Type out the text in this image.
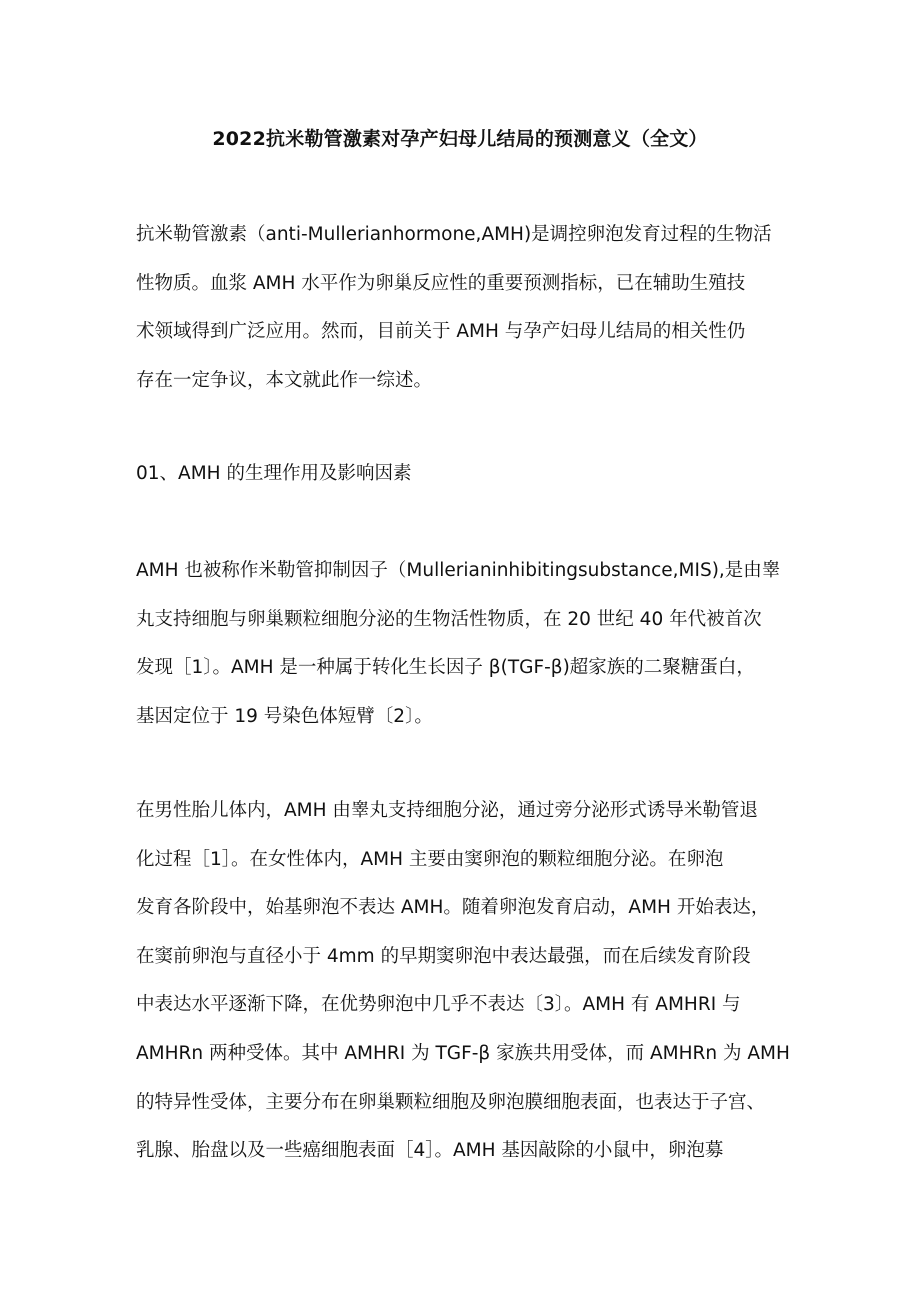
2022抗米勒管激素对孕产妇母儿结局的预测意义（全文）
抗米勒管激素（anti-Mullerianhormone,AMH)是调控卵泡发育过程的生物活
性物质。血浆 AMH 水平作为卵巢反应性的重要预测指标，已在辅助生殖技
术领域得到广泛应用。然而，目前关于 AMH 与孕产妇母儿结局的相关性仍
存在一定争议，本文就此作一综述。
01、AMH 的生理作用及影响因素
AMH 也被称作米勒管抑制因子（Mullerianinhibitingsubstance,MIS),是由睾
丸支持细胞与卵巢颗粒细胞分泌的生物活性物质，在 20 世纪 40 年代被首次
发现［1〕。AMH 是一种属于转化生长因子 β(TGF-β)超家族的二聚糖蛋白，
基因定位于 19 号染色体短臂〔2〕。
在男性胎儿体内，AMH 由睾丸支持细胞分泌，通过旁分泌形式诱导米勒管退
化过程［1］。在女性体内，AMH 主要由窦卵泡的颗粒细胞分泌。在卵泡
发育各阶段中，始基卵泡不表达 AMH。随着卵泡发育启动，AMH 开始表达，
在窦前卵泡与直径小于 4mm 的早期窦卵泡中表达最强，而在后续发育阶段
中表达水平逐渐下降，在优势卵泡中几乎不表达〔3〕。AMH 有 AMHRI 与
AMHRn 两种受体。其中 AMHRI 为 TGF-β 家族共用受体，而 AMHRn 为 AMH
的特异性受体，主要分布在卵巢颗粒细胞及卵泡膜细胞表面，也表达于子宫、
乳腺、胎盘以及一些癌细胞表面［4］。AMH 基因敲除的小鼠中，卵泡募
